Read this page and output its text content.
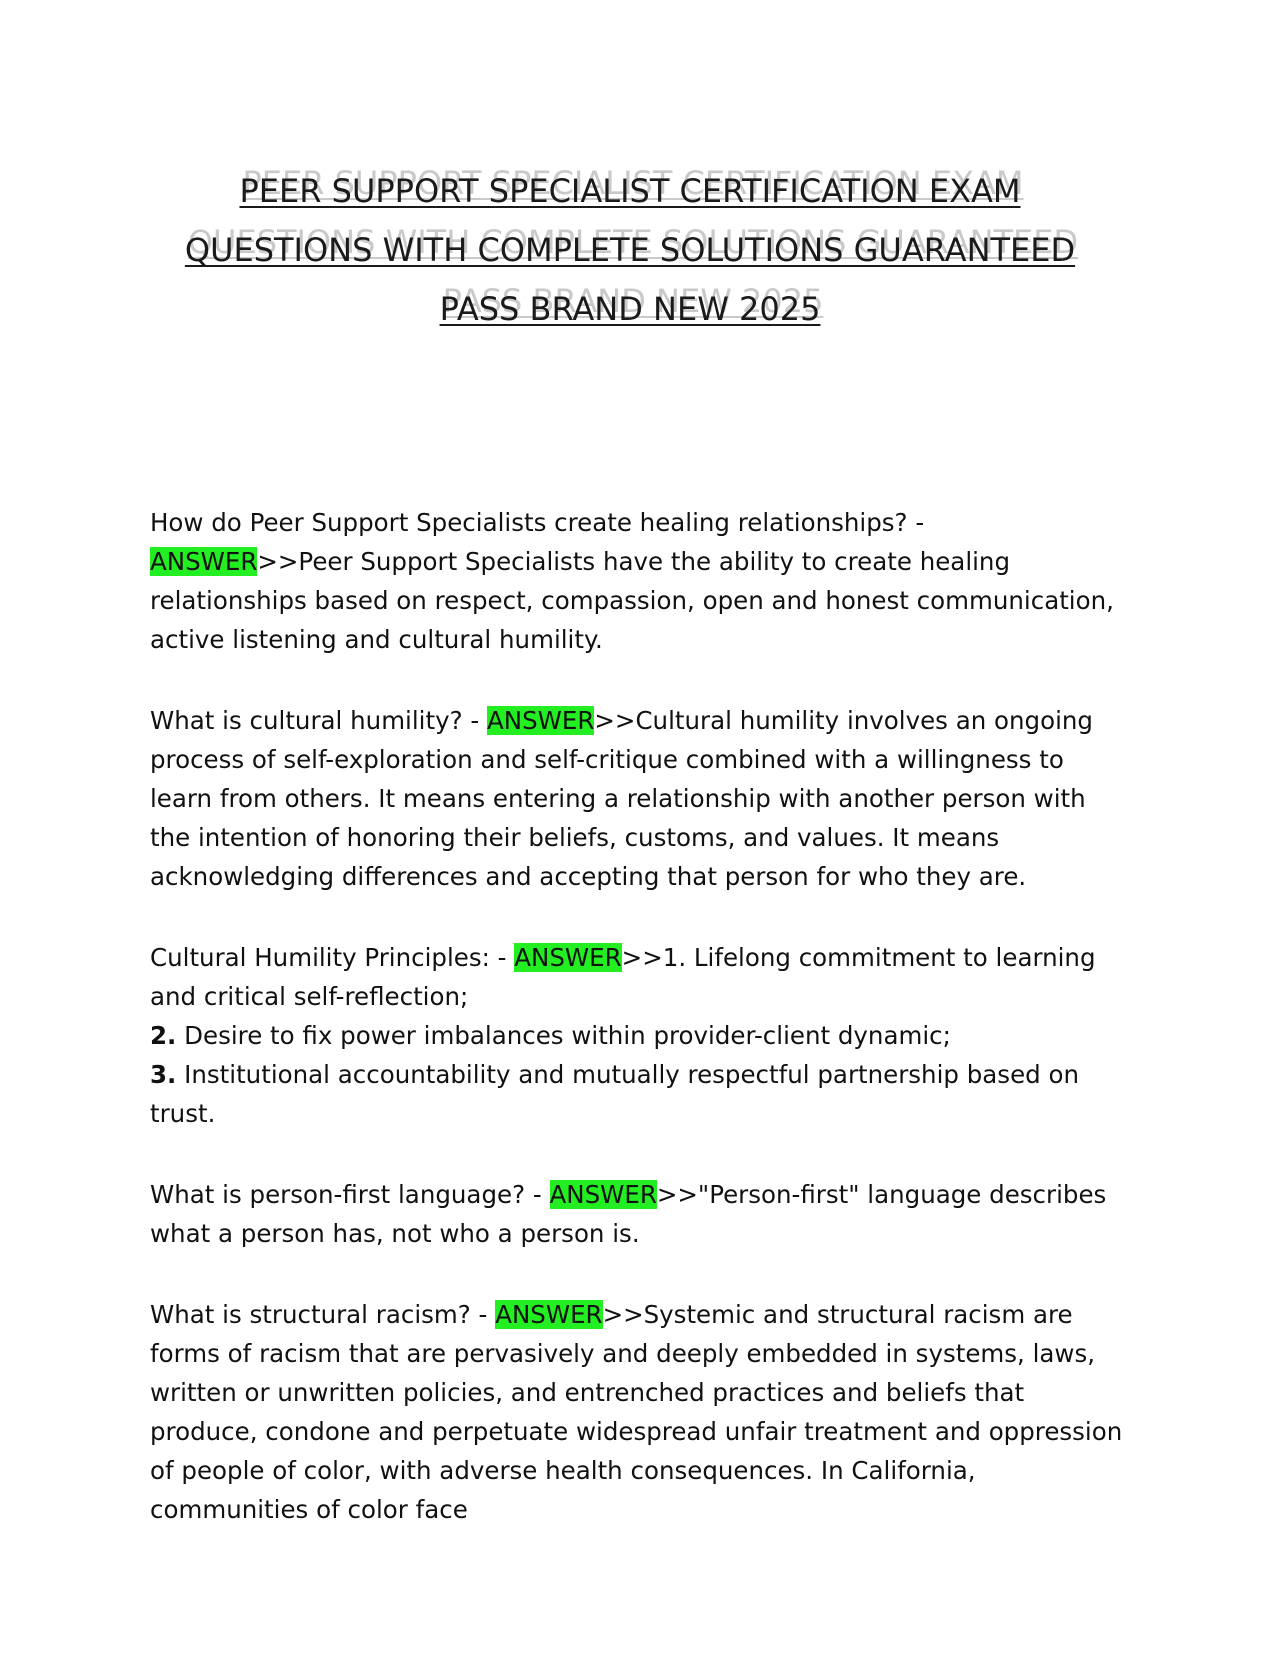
PEER SUPPORT SPECIALIST CERTIFICATION EXAM
QUESTIONS WITH COMPLETE SOLUTIONS GUARANTEED
PASS BRAND NEW 2025

How do Peer Support Specialists create healing relationships? - ANSWER>>Peer Support Specialists have the ability to create healing relationships based on respect, compassion, open and honest communication, active listening and cultural humility.

What is cultural humility? - ANSWER>>Cultural humility involves an ongoing process of self-exploration and self-critique combined with a willingness to learn from others. It means entering a relationship with another person with the intention of honoring their beliefs, customs, and values. It means acknowledging differences and accepting that person for who they are.

Cultural Humility Principles: - ANSWER>>1. Lifelong commitment to learning and critical self-reflection;

2. Desire to fix power imbalances within provider-client dynamic;

3. Institutional accountability and mutually respectful partnership based on trust.

What is person-first language? - ANSWER>>"Person-first" language describes what a person has, not who a person is.

What is structural racism? - ANSWER>>Systemic and structural racism are forms of racism that are pervasively and deeply embedded in systems, laws, written or unwritten policies, and entrenched practices and beliefs that produce, condone and perpetuate widespread unfair treatment and oppression of people of color, with adverse health consequences. In California, communities of color face
